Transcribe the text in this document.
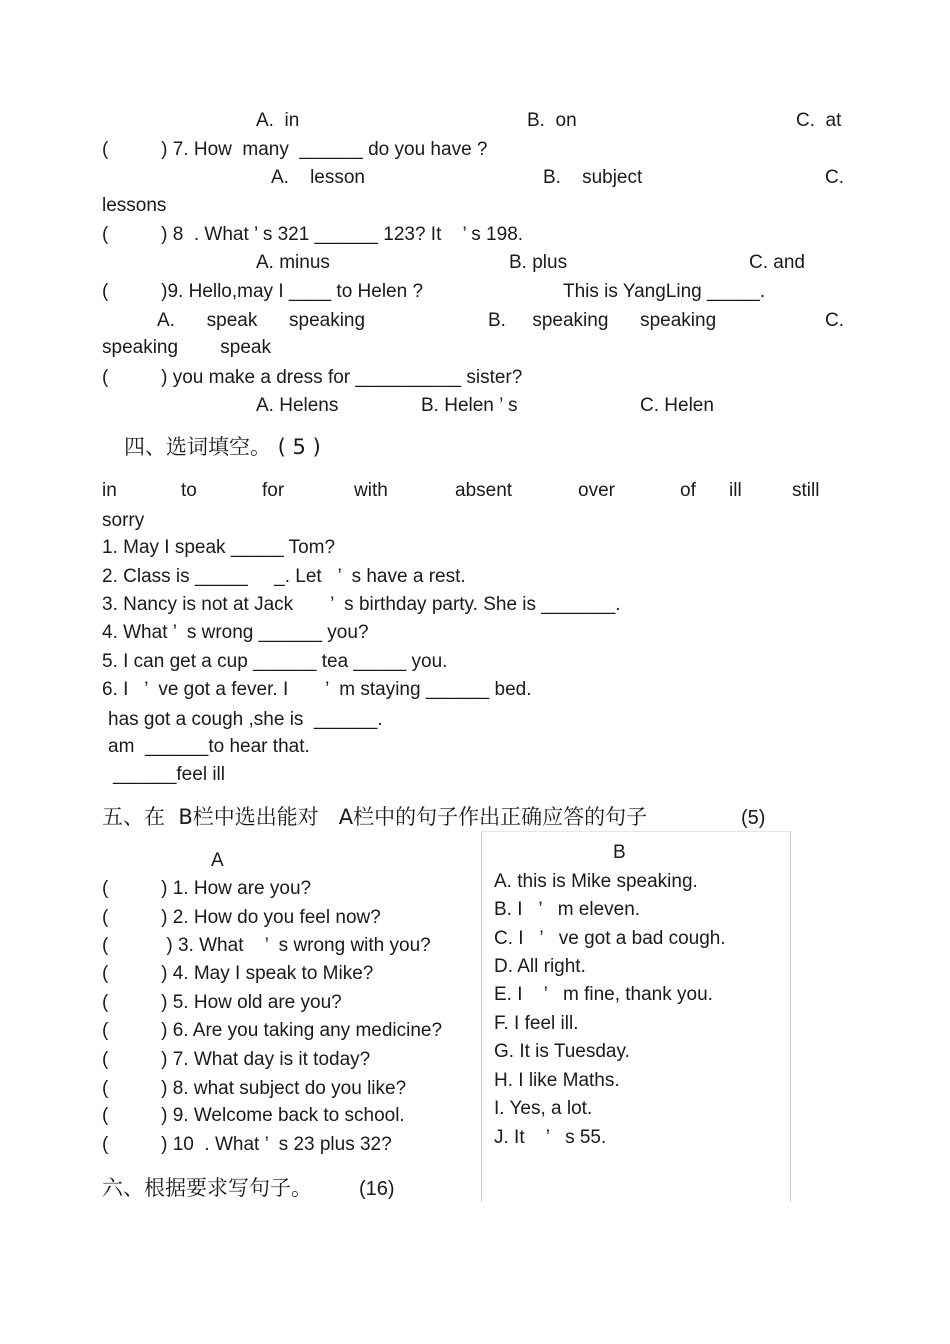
A.  in	B.  on	C.  at
(          ) 7. How  many  ______ do you have ?
A.    lesson	B.    subject	C.
lessons
(          ) 8  . What ’ s 321 ______ 123? It    ’ s 198.
A. minus	B. plus	C. and
(          )9. Hello,may I ____ to Helen ?	This is YangLing _____.
A.      speak      speaking	B.     speaking      speaking	C.
speaking        speak
(          ) you make a dress for __________ sister?
A. Helens	B. Helen ’ s	C. Helen
四、选词填空。 ( 5 )
in	to	for	with	absent	over	of ill	still
sorry
1. May I speak _____ Tom?
2. Class is _____     _. Let   ’  s have a rest.
3. Nancy is not at Jack       ’  s birthday party. She is _______.
4. What ’  s wrong ______ you?
5. I can get a cup ______ tea _____ you.
6. I   ’  ve got a fever. I       ’  m staying ______ bed.
has got a cough ,she is  ______.
am  ______to hear that.
______feel ill
五、在  B栏中选出能对   A栏中的句子作出正确应答的句子	(5)
A	B
(          ) 1. How are you?
(          ) 2. How do you feel now?
(           ) 3. What    ’  s wrong with you?
(          ) 4. May I speak to Mike?
(          ) 5. How old are you?
(          ) 6. Are you taking any medicine?
(          ) 7. What day is it today?
(          ) 8. what subject do you like?
(          ) 9. Welcome back to school.
(          ) 10  . What ’  s 23 plus 32?
A. this is Mike speaking.
B. I   ’   m eleven.
C. I   ’   ve got a bad cough.
D. All right.
E. I    ’   m fine, thank you.
F. I feel ill.
G. It is Tuesday.
H. I like Maths.
I. Yes, a lot.
J. It    ’   s 55.
六、根据要求写句子。 (16)
